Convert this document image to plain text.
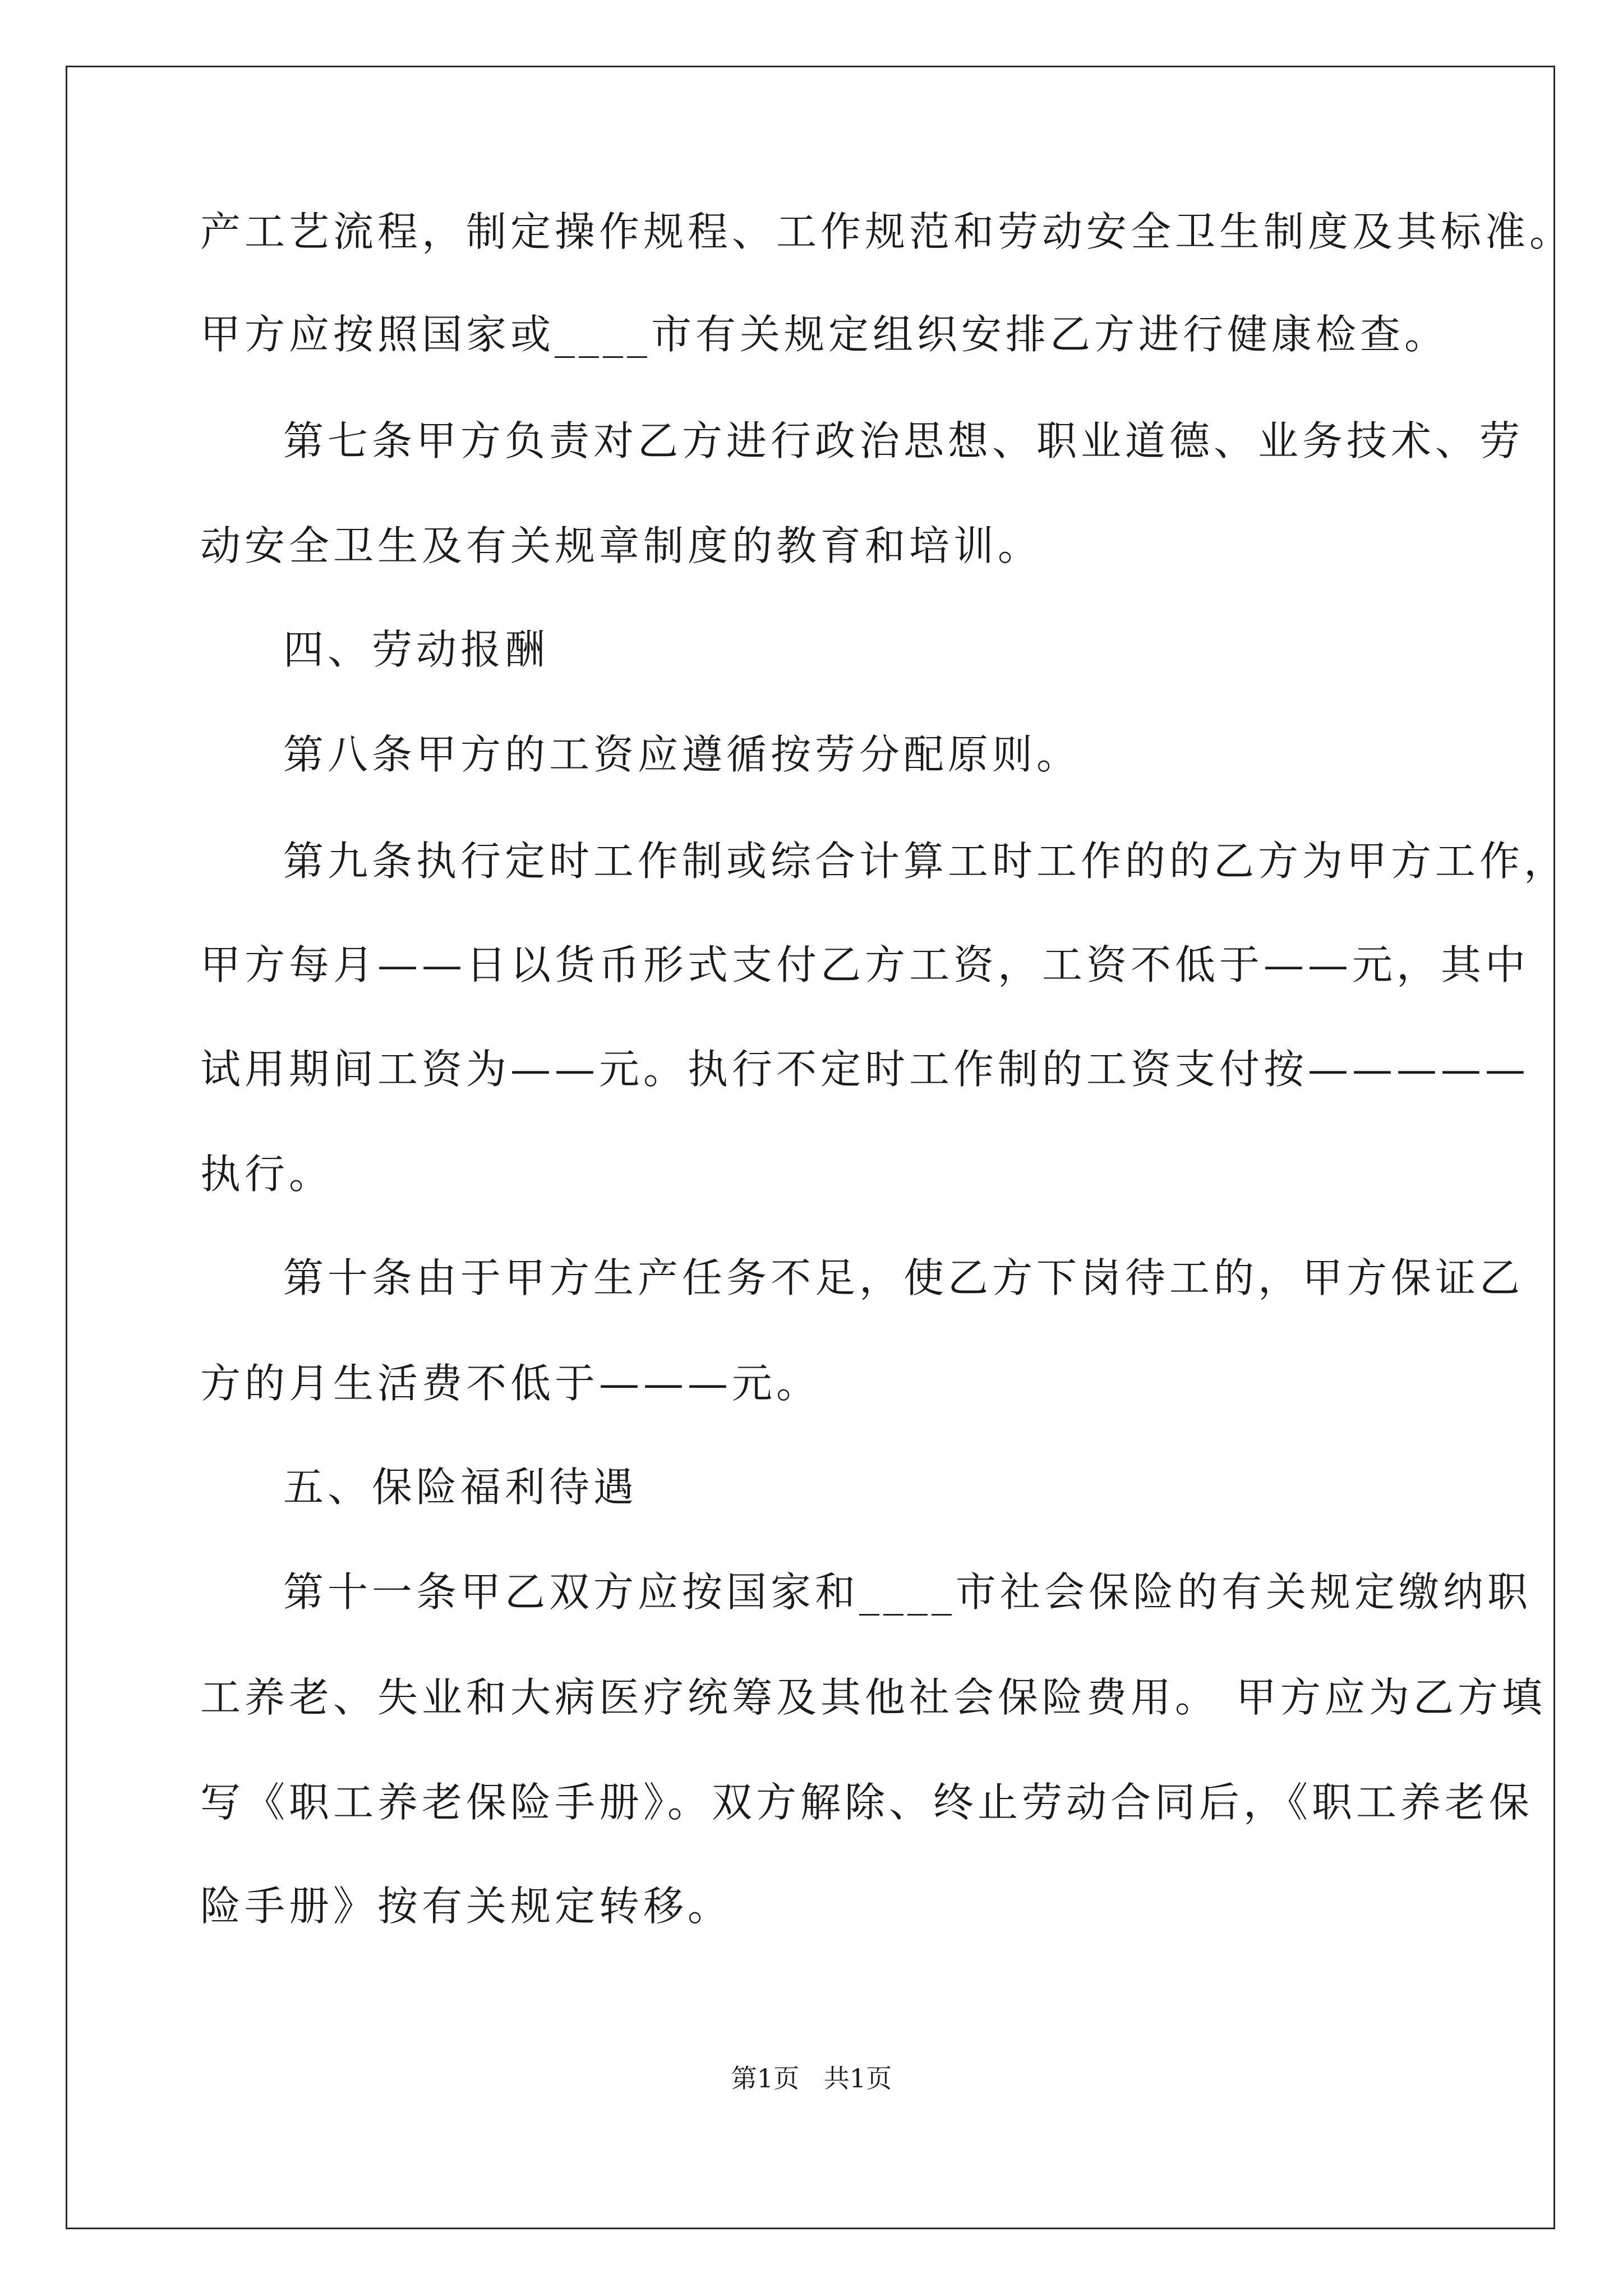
产工艺流程，制定操作规程、工作规范和劳动安全卫生制度及其标准。
甲方应按照国家或____市有关规定组织安排乙方进行健康检查。
第七条甲方负责对乙方进行政治思想、职业道德、业务技术、劳
动安全卫生及有关规章制度的教育和培训。
四、劳动报酬
第八条甲方的工资应遵循按劳分配原则。
第九条执行定时工作制或综合计算工时工作的的乙方为甲方工作，
甲方每月——日以货币形式支付乙方工资，工资不低于——元，其中
试用期间工资为——元。执行不定时工作制的工资支付按—————
执行。
第十条由于甲方生产任务不足，使乙方下岗待工的，甲方保证乙
方的月生活费不低于———元。
五、保险福利待遇
第十一条甲乙双方应按国家和____市社会保险的有关规定缴纳职
工养老、失业和大病医疗统筹及其他社会保险费用。 甲方应为乙方填
写《职工养老保险手册》。双方解除、终止劳动合同后，《职工养老保
险手册》按有关规定转移。
第1页   共1页
